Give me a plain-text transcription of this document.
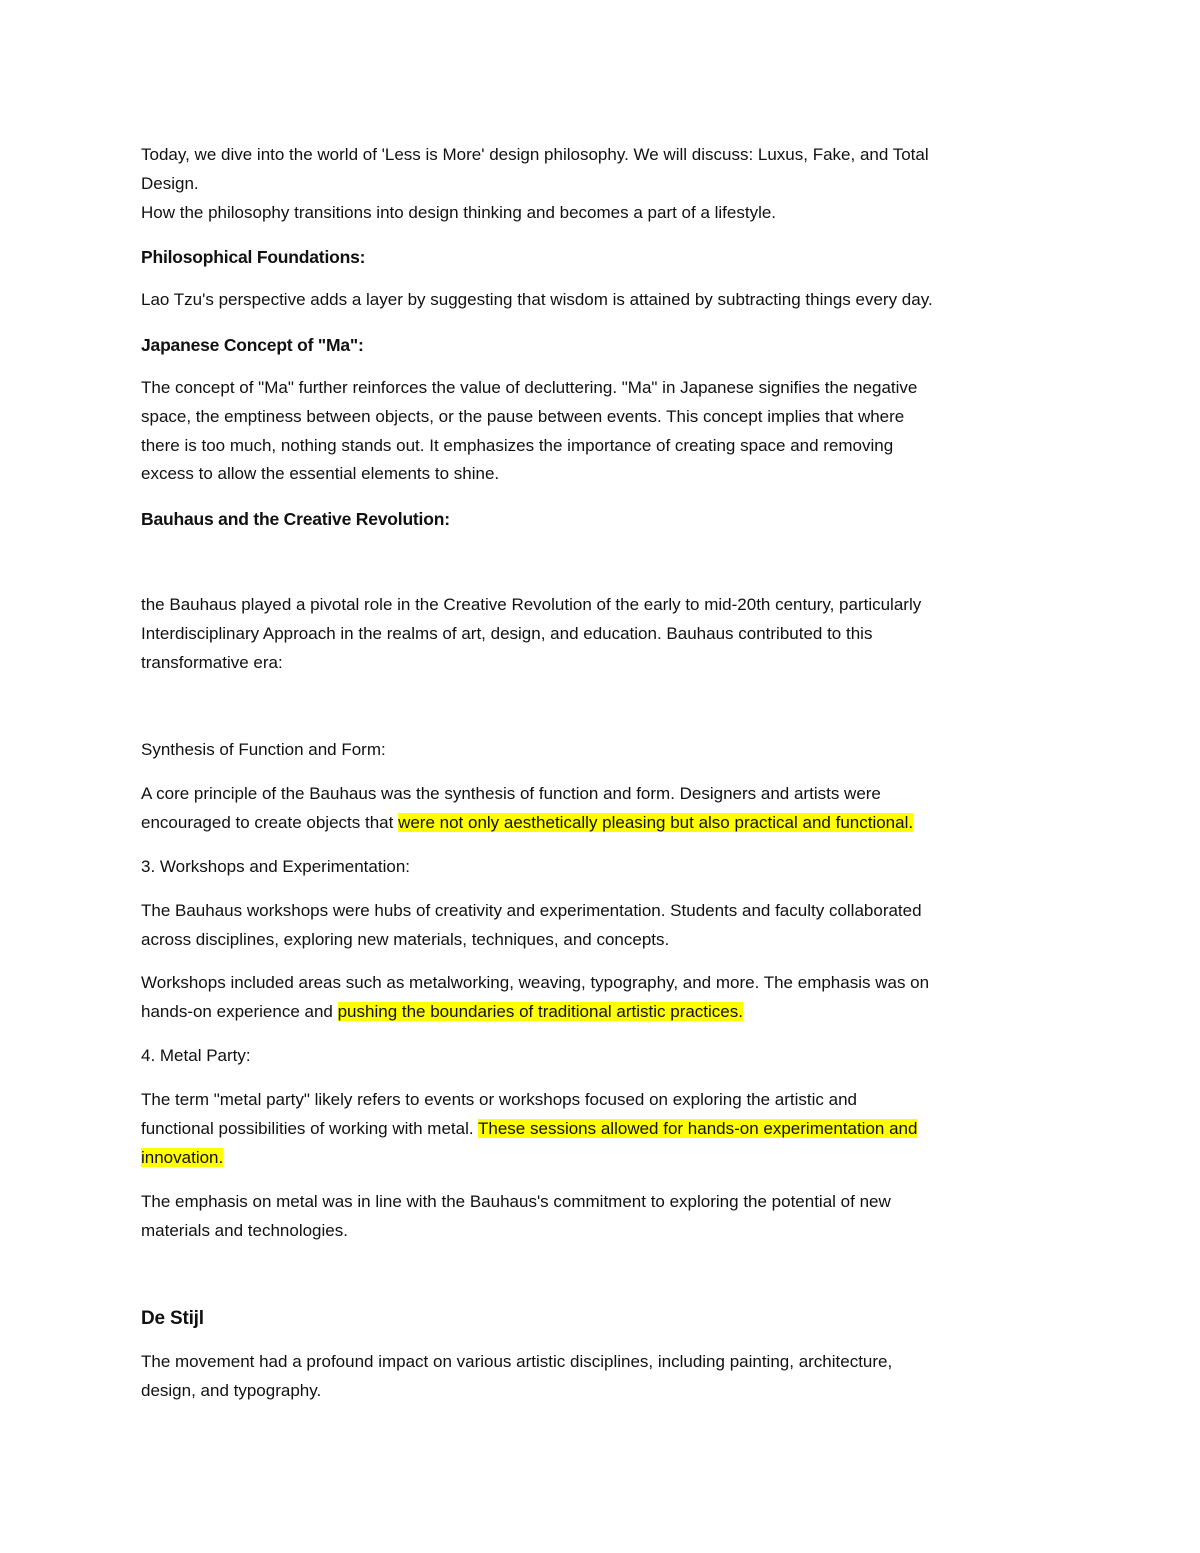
Today, we dive into the world of 'Less is More' design philosophy. We will discuss: Luxus, Fake, and Total
Design.
How the philosophy transitions into design thinking and becomes a part of a lifestyle.
Philosophical Foundations:
Lao Tzu's perspective adds a layer by suggesting that wisdom is attained by subtracting things every day.
Japanese Concept of "Ma":
The concept of "Ma" further reinforces the value of decluttering. "Ma" in Japanese signifies the negative
space, the emptiness between objects, or the pause between events. This concept implies that where
there is too much, nothing stands out. It emphasizes the importance of creating space and removing
excess to allow the essential elements to shine.
Bauhaus and the Creative Revolution:
the Bauhaus played a pivotal role in the Creative Revolution of the early to mid-20th century, particularly
Interdisciplinary Approach in the realms of art, design, and education. Bauhaus contributed to this
transformative era:
Synthesis of Function and Form:
A core principle of the Bauhaus was the synthesis of function and form. Designers and artists were
encouraged to create objects that were not only aesthetically pleasing but also practical and functional.
3. Workshops and Experimentation:
The Bauhaus workshops were hubs of creativity and experimentation. Students and faculty collaborated
across disciplines, exploring new materials, techniques, and concepts.
Workshops included areas such as metalworking, weaving, typography, and more. The emphasis was on
hands-on experience and pushing the boundaries of traditional artistic practices.
4. Metal Party:
The term "metal party" likely refers to events or workshops focused on exploring the artistic and
functional possibilities of working with metal. These sessions allowed for hands-on experimentation and
innovation.
The emphasis on metal was in line with the Bauhaus's commitment to exploring the potential of new
materials and technologies.
De Stijl
The movement had a profound impact on various artistic disciplines, including painting, architecture,
design, and typography.
